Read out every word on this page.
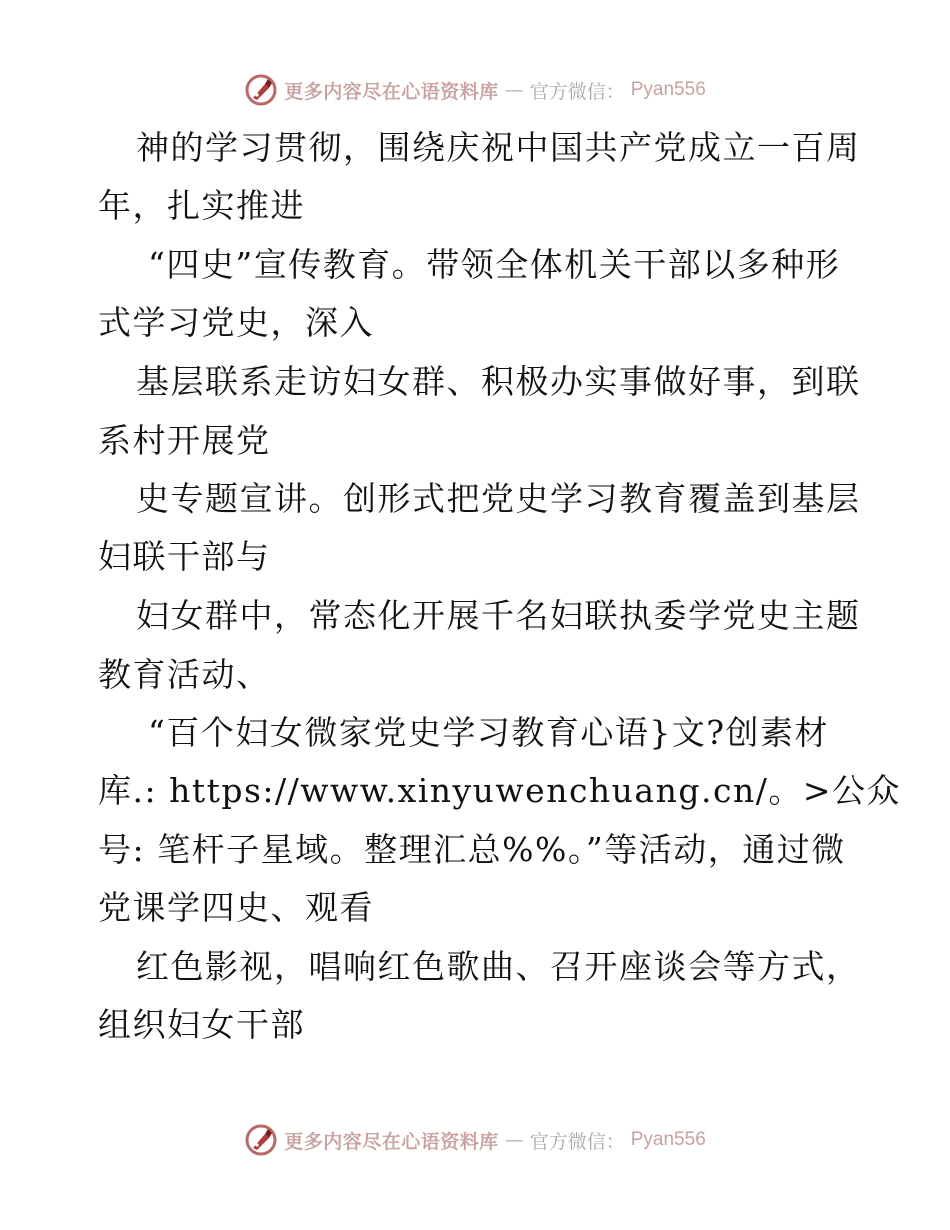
更多内容尽在心语资料库 — 官方微信： Pyan556
神的学习贯彻，围绕庆祝中国共产党成立一百周
年，扎实推进
“四史”宣传教育。带领全体机关干部以多种形
式学习党史，深入
基层联系走访妇女群、积极办实事做好事，到联
系村开展党
史专题宣讲。创形式把党史学习教育覆盖到基层
妇联干部与
妇女群中，常态化开展千名妇联执委学党史主题
教育活动、
“百个妇女微家党史学习教育心语}文?创素材
库.: https://www.xinyuwenchuang.cn/。>公众
号: 笔杆子星域。整理汇总%%。”等活动，通过微
党课学四史、观看
红色影视，唱响红色歌曲、召开座谈会等方式，
组织妇女干部
更多内容尽在心语资料库 — 官方微信： Pyan556
